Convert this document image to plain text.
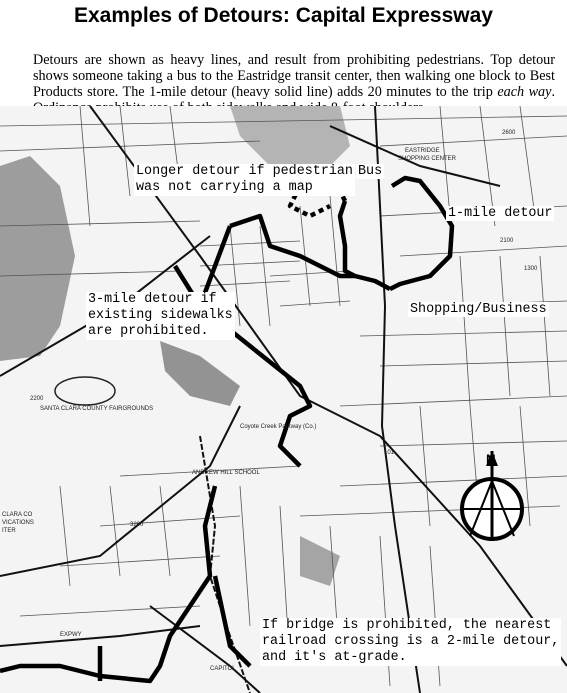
Examples of Detours: Capital Expressway

Detours are shown as heavy lines, and result from prohibiting pedestrians. Top detour shows someone taking a bus to the Eastridge transit center, then walking one block to Best Products store. The 1-mile detour (heavy solid line) adds 20 minutes to the trip each way.

SANTA CLARA COUNTY FAIRGROUNDS
CLARA CO
VICATIONS
ITER
EASTRIDGE
SHOPPING CENTER
2600
2100
1300
3200
2200
101
EXPWY
ANDREW HILL SCHOOL
Coyote Creek Parkway (Co.)
CAPITOL
Longer detour if pedestrian
was not carrying a map
Bus
1-mile detour
3-mile detour if
existing sidewalks
are prohibited.
Shopping/Business
If bridge is prohibited, the nearest
railroad crossing is a 2-mile detour,
and it's at-grade.
N
